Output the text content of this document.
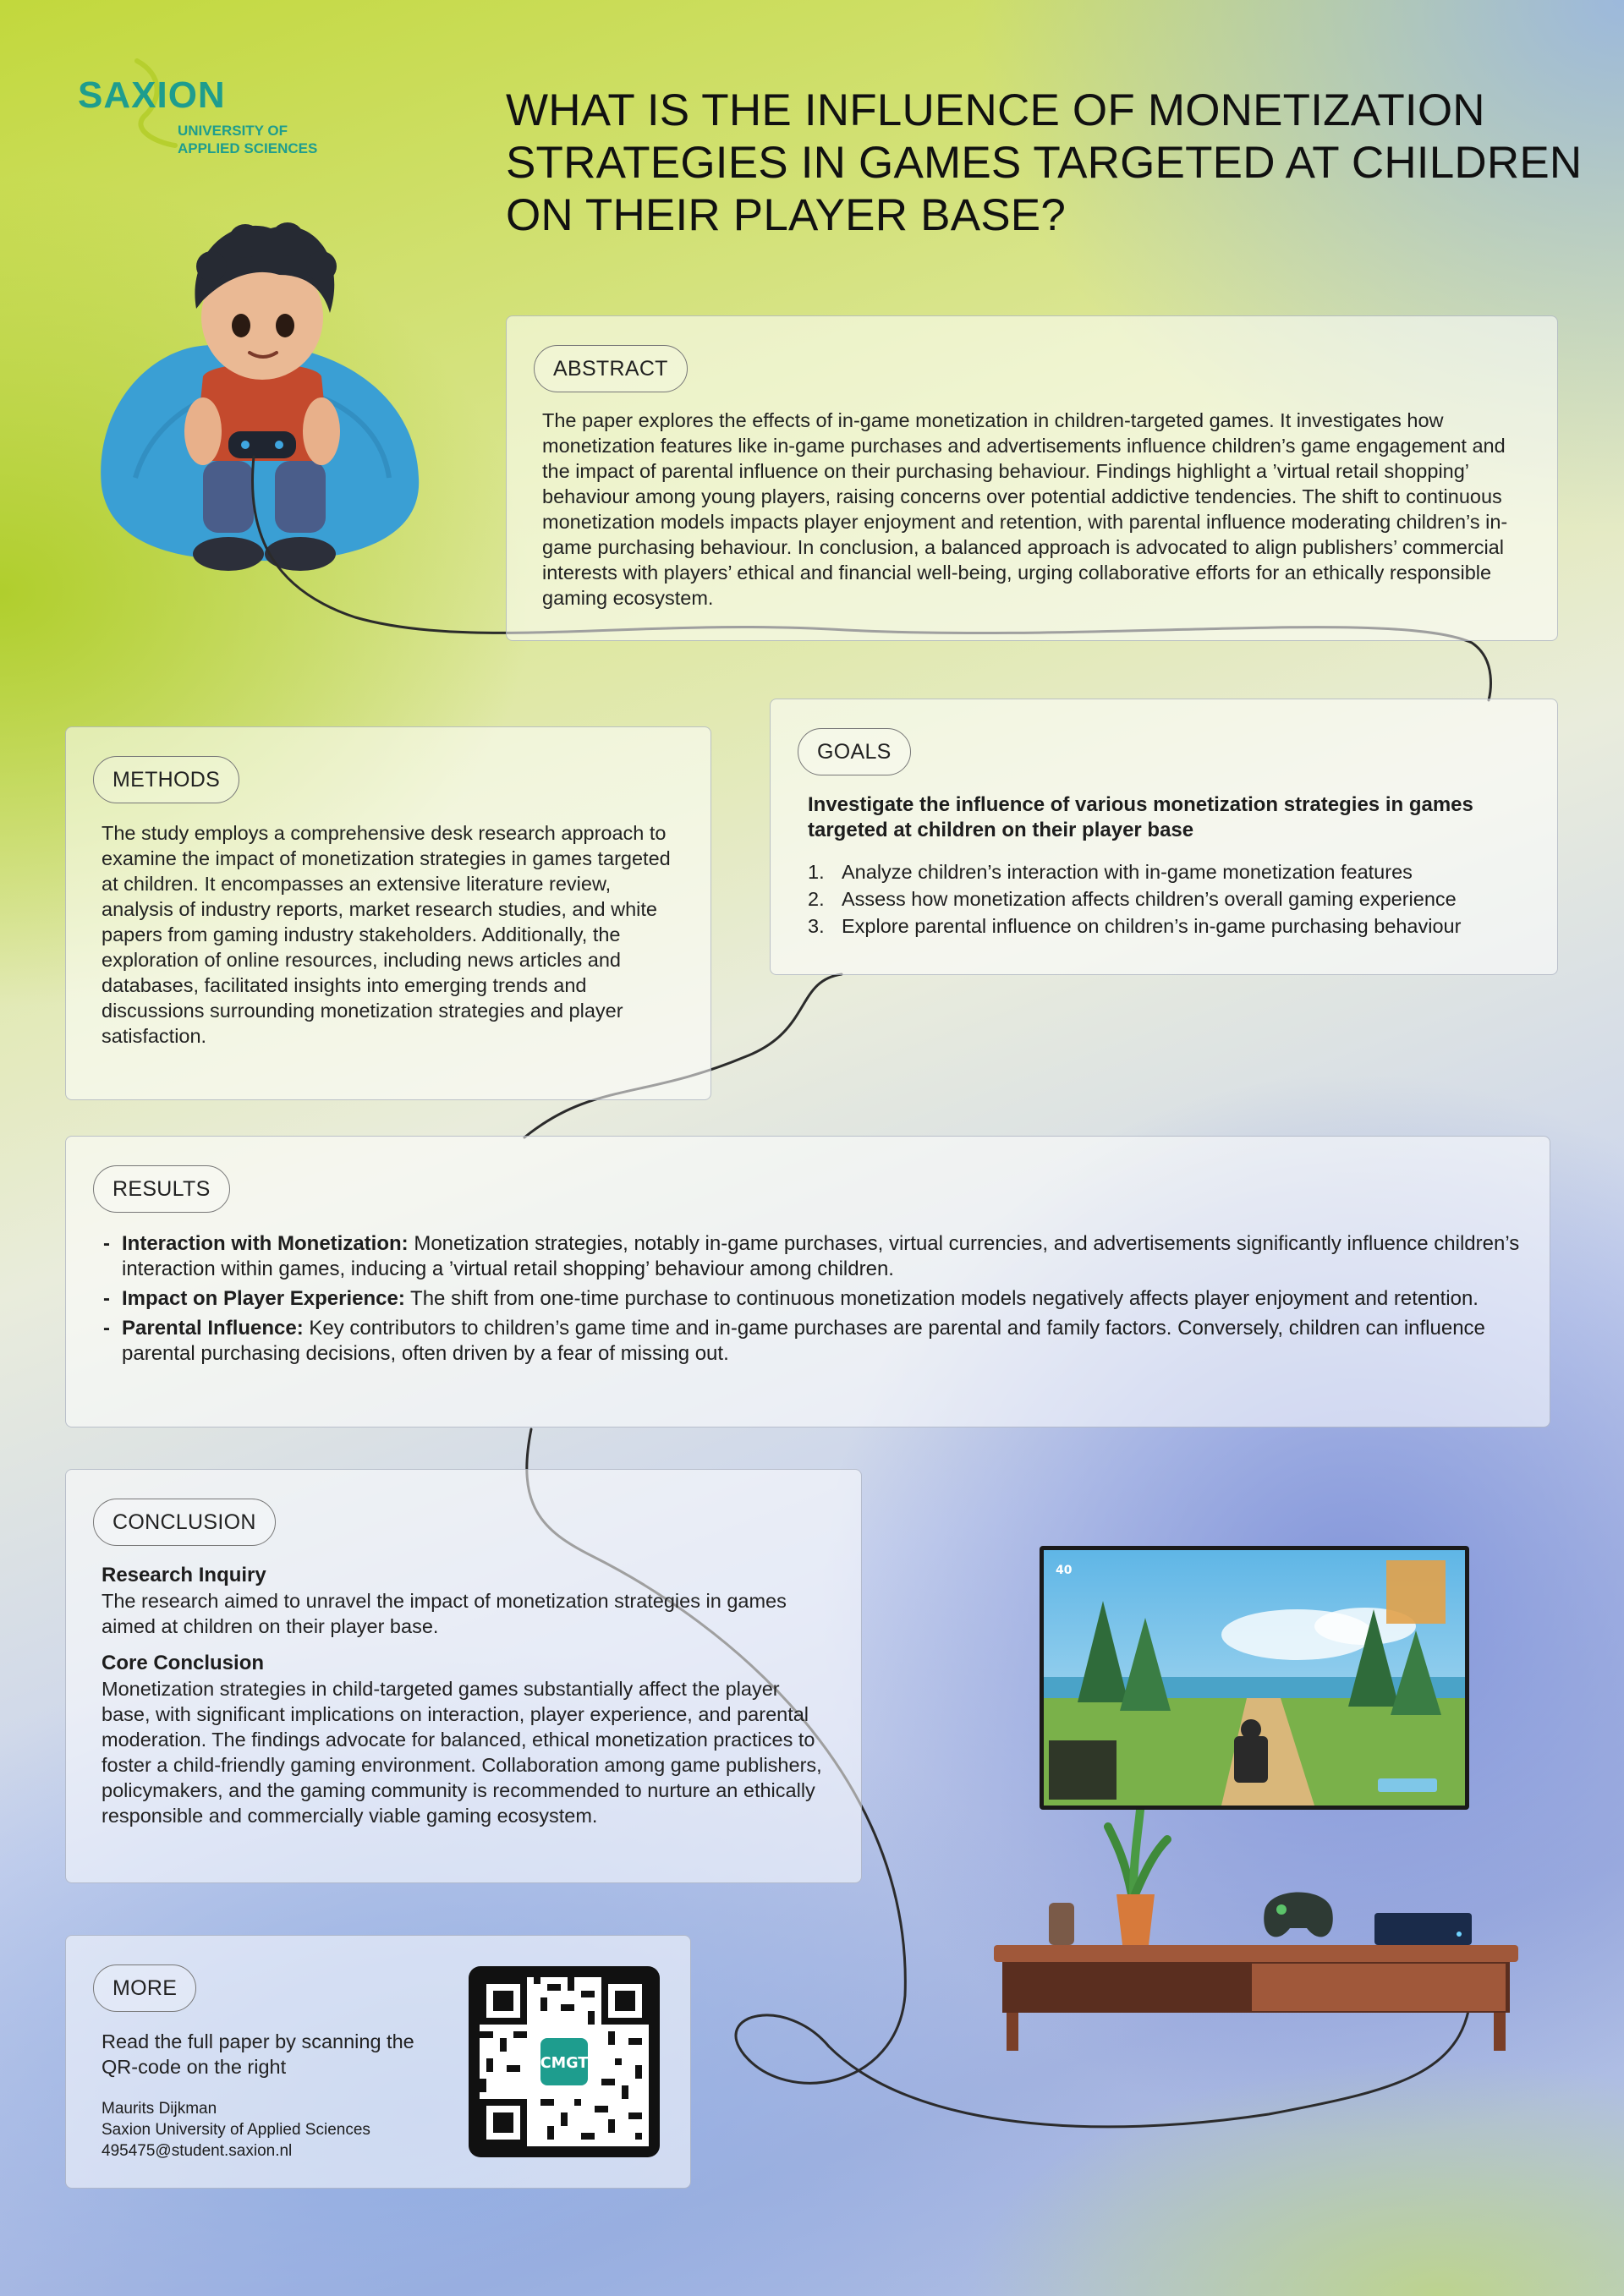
SAXION
UNIVERSITY OF
APPLIED SCIENCES
WHAT IS THE INFLUENCE OF MONETIZATION STRATEGIES IN GAMES TARGETED AT CHILDREN ON THEIR PLAYER BASE?
ABSTRACT
The paper explores the effects of in-game monetization in children-targeted games. It investigates how monetization features like in-game purchases and advertisements influence children’s game engagement and the impact of parental influence on their purchasing behaviour. Findings highlight a ’virtual retail shopping’ behaviour among young players, raising concerns over potential addictive tendencies. The shift to continuous monetization models impacts player enjoyment and retention, with parental influence moderating children’s in-game purchasing behaviour. In conclusion, a balanced approach is advocated to align publishers’ commercial interests with players’ ethical and financial well-being, urging collaborative efforts for an ethically responsible gaming ecosystem.
METHODS
The study employs a comprehensive desk research approach to examine the impact of monetization strategies in games targeted at children. It encompasses an extensive literature review, analysis of industry reports, market research studies, and white papers from gaming industry stakeholders. Additionally, the exploration of online resources, including news articles and databases, facilitated insights into emerging trends and discussions surrounding monetization strategies and player satisfaction.
GOALS
Investigate the influence of various monetization strategies in games targeted at children on their player base
1. Analyze children’s interaction with in-game monetization features
2. Assess how monetization affects children’s overall gaming experience
3. Explore parental influence on children’s in-game purchasing behaviour
RESULTS
- Interaction with Monetization: Monetization strategies, notably in-game purchases, virtual currencies, and advertisements significantly influence children’s interaction within games, inducing a ’virtual retail shopping’ behaviour among children.
- Impact on Player Experience: The shift from one-time purchase to continuous monetization models negatively affects player enjoyment and retention.
- Parental Influence: Key contributors to children’s game time and in-game purchases are parental and family factors. Conversely, children can influence parental purchasing decisions, often driven by a fear of missing out.
CONCLUSION
Research Inquiry
The research aimed to unravel the impact of monetization strategies in games aimed at children on their player base.
Core Conclusion
Monetization strategies in child-targeted games substantially affect the player base, with significant implications on interaction, player experience, and parental moderation. The findings advocate for balanced, ethical monetization practices to foster a child-friendly gaming environment. Collaboration among game publishers, policymakers, and the gaming community is recommended to nurture an ethically responsible and commercially viable gaming ecosystem.
MORE
Read the full paper by scanning the QR-code on the right
Maurits Dijkman
Saxion University of Applied Sciences
495475@student.saxion.nl
CMGT
40
